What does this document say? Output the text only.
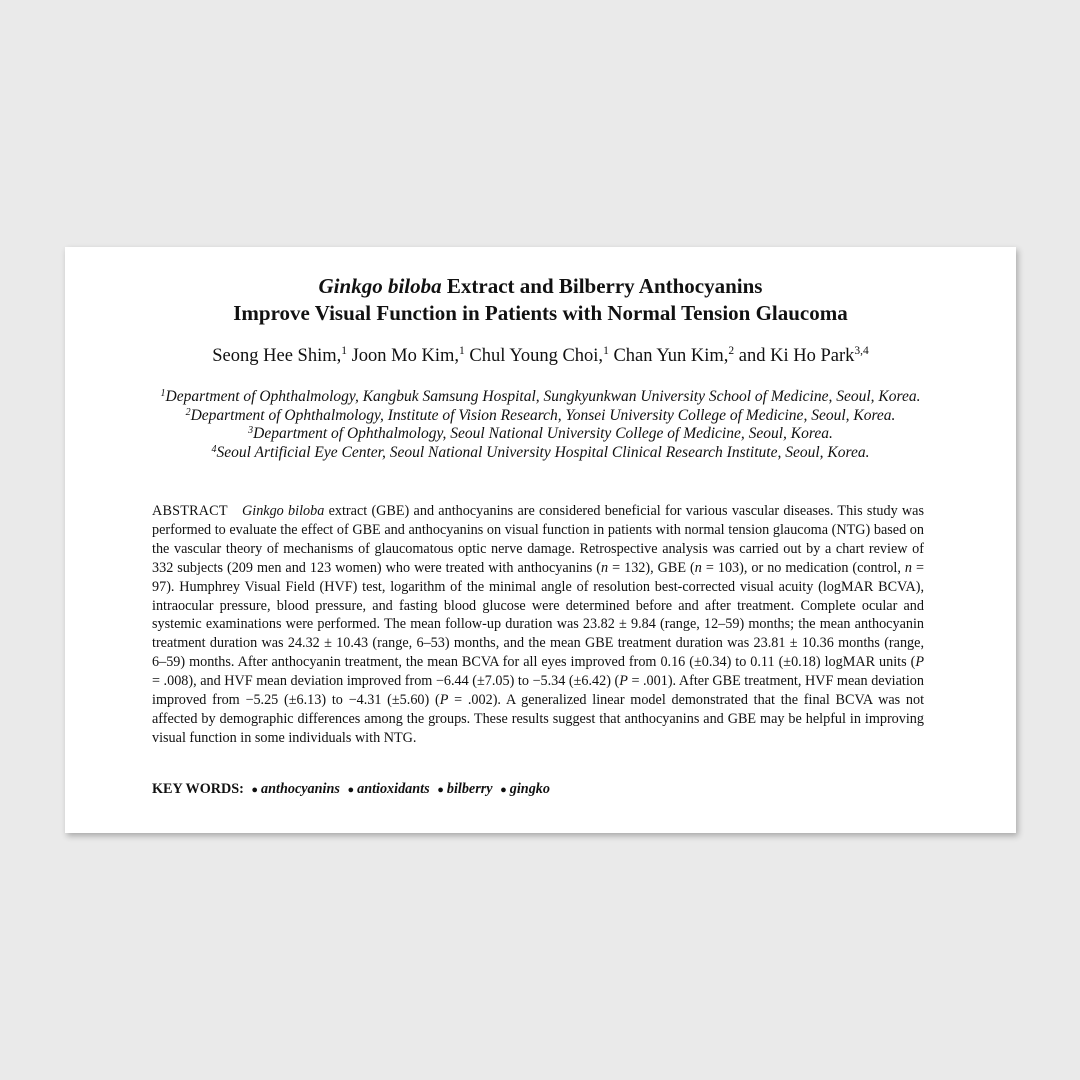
Ginkgo biloba Extract and Bilberry Anthocyanins
Improve Visual Function in Patients with Normal Tension Glaucoma
Seong Hee Shim,$^1$ Joon Mo Kim,$^1$ Chul Young Choi,$^1$ Chan Yun Kim,$^2$ and Ki Ho Park$^{3,4}$
$^1$Department of Ophthalmology, Kangbuk Samsung Hospital, Sungkyunkwan University School of Medicine, Seoul, Korea.
$^2$Department of Ophthalmology, Institute of Vision Research, Yonsei University College of Medicine, Seoul, Korea.
$^3$Department of Ophthalmology, Seoul National University College of Medicine, Seoul, Korea.
$^4$Seoul Artificial Eye Center, Seoul National University Hospital Clinical Research Institute, Seoul, Korea.
ABSTRACT Ginkgo biloba extract (GBE) and anthocyanins are considered beneficial for various vascular diseases. This study was performed to evaluate the effect of GBE and anthocyanins on visual function in patients with normal tension glaucoma (NTG) based on the vascular theory of mechanisms of glaucomatous optic nerve damage. Retrospective analysis was carried out by a chart review of 332 subjects (209 men and 123 women) who were treated with anthocyanins (n = 132), GBE (n = 103), or no medication (control, n = 97). Humphrey Visual Field (HVF) test, logarithm of the minimal angle of resolution best-corrected visual acuity (logMAR BCVA), intraocular pressure, blood pressure, and fasting blood glucose were determined before and after treatment. Complete ocular and systemic examinations were performed. The mean follow-up duration was 23.82 ± 9.84 (range, 12–59) months; the mean anthocyanin treatment duration was 24.32 ± 10.43 (range, 6–53) months, and the mean GBE treatment duration was 23.81 ± 10.36 months (range, 6–59) months. After anthocyanin treatment, the mean BCVA for all eyes improved from 0.16 (±0.34) to 0.11 (±0.18) logMAR units (P = .008), and HVF mean deviation improved from −6.44 (±7.05) to −5.34 (±6.42) (P = .001). After GBE treatment, HVF mean deviation improved from −5.25 (±6.13) to −4.31 (±5.60) (P = .002). A generalized linear model demonstrated that the final BCVA was not affected by demographic differences among the groups. These results suggest that anthocyanins and GBE may be helpful in improving visual function in some individuals with NTG.
KEY WORDS: ● anthocyanins ● antioxidants ● bilberry ● gingko
